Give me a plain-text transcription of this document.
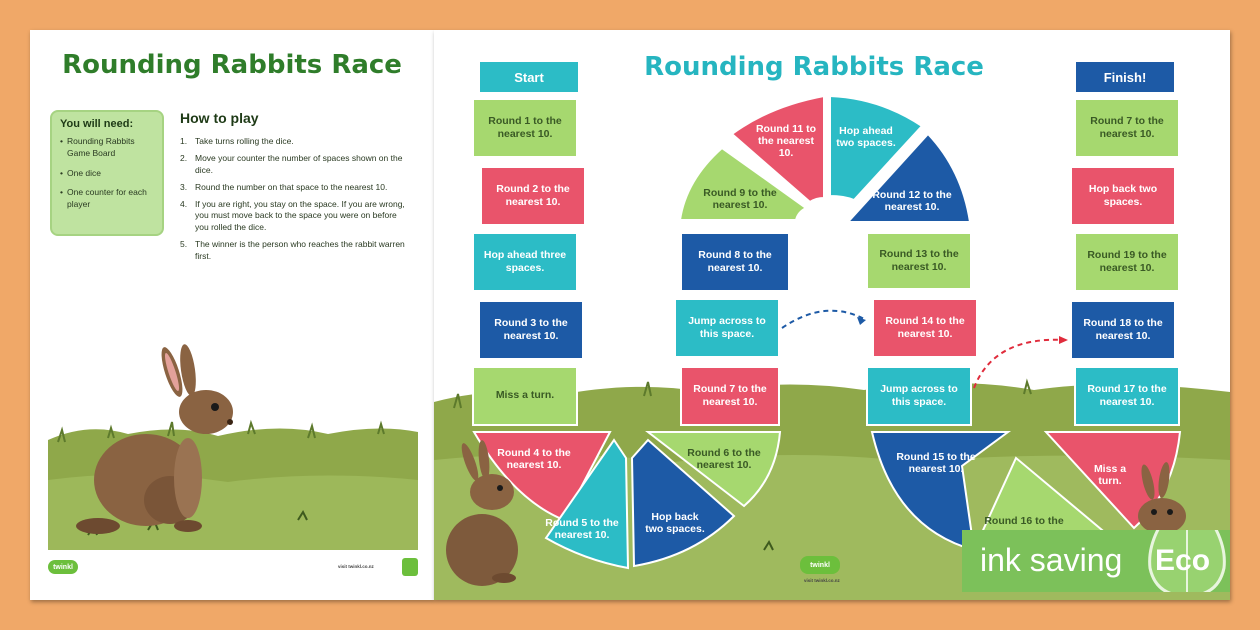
Rounding Rabbits Race
You will need:
• Rounding Rabbits Game Board
• One dice
• One counter for each player
How to play
1. Take turns rolling the dice.
2. Move your counter the number of spaces shown on the dice.
3. Round the number on that space to the nearest 10.
4. If you are right, you stay on the space. If you are wrong, you must move back to the space you were on before you rolled the dice.
5. The winner is the person who reaches the rabbit warren first.
twinkl	visit twinkl.co.nz
Rounding Rabbits Race
Start	Finish!
Round 1 to the nearest 10.
Round 2 to the nearest 10.
Hop ahead three spaces.
Round 3 to the nearest 10.
Miss a turn.
Round 7 to the nearest 10.
Jump across to this space.
Round 8 to the nearest 10.
Round 13 to the nearest 10.
Round 14 to the nearest 10.
Jump across to this space.
Round 7 to the nearest 10.
Hop back two spaces.
Round 19 to the nearest 10.
Round 18 to the nearest 10.
Round 17 to the nearest 10.
Round 4 to the
nearest 10.
Round 5 to the
nearest 10.
Hop back
two spaces.
Round 6 to the
nearest 10.
Round 9 to the
nearest 10.
Round 11 to
the nearest
10.
Hop ahead
two spaces.
Round 12 to the
nearest 10.
Round 15 to the
nearest 10.
Round 16 to the
Miss a
turn.
twinkl
visit twinkl.co.nz
ink saving Eco
